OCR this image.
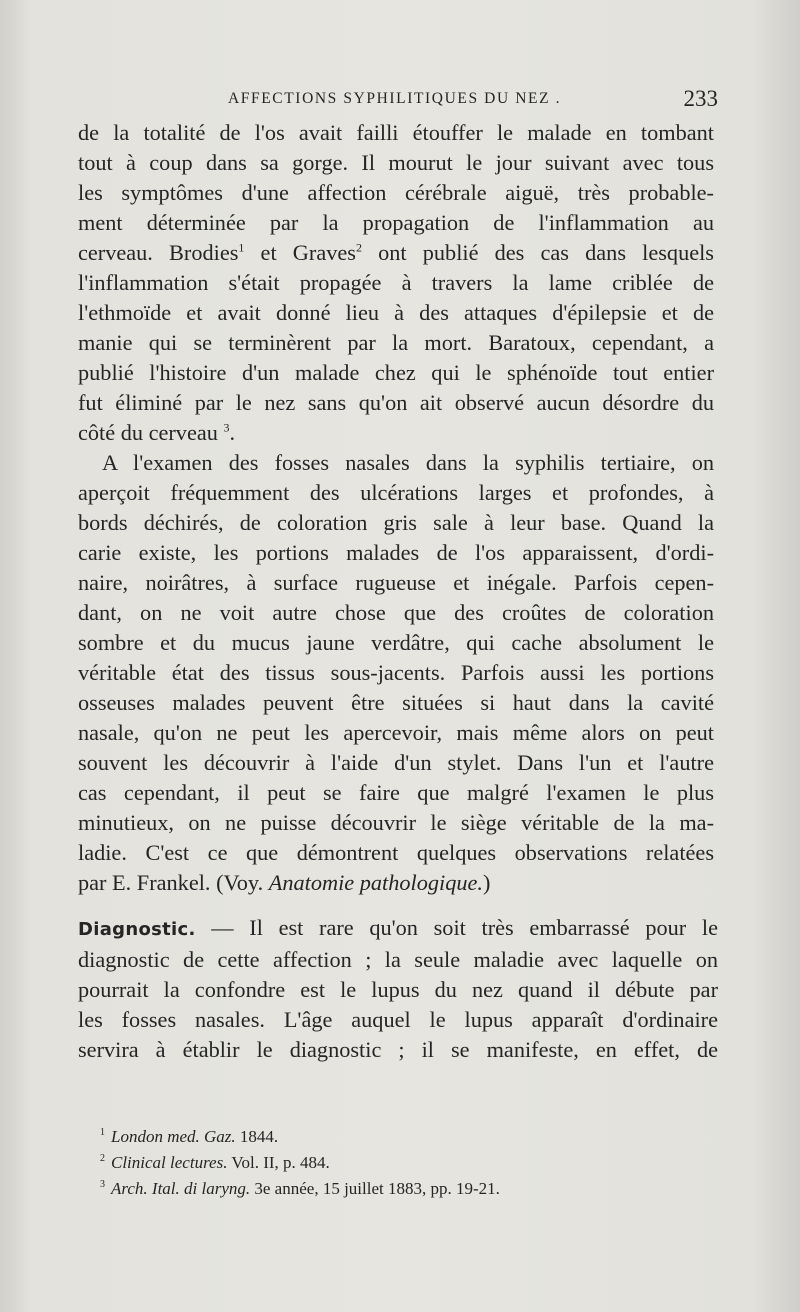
AFFECTIONS SYPHILITIQUES DU NEZ .	233

de la totalité de l'os avait failli étouffer le malade en tombant

tout à coup dans sa gorge. Il mourut le jour suivant avec tous

les symptômes d'une affection cérébrale aiguë, très probable-

ment déterminée par la propagation de l'inflammation au

cerveau. Brodies$^1$ et Graves$^2$ ont publié des cas dans lesquels

l'inflammation s'était propagée à travers la lame criblée de

l'ethmoïde et avait donné lieu à des attaques d'épilepsie et de

manie qui se terminèrent par la mort. Baratoux, cependant, a

publié l'histoire d'un malade chez qui le sphénoïde tout entier

fut éliminé par le nez sans qu'on ait observé aucun désordre du

côté du cerveau $^3$.

A l'examen des fosses nasales dans la syphilis tertiaire, on

aperçoit fréquemment des ulcérations larges et profondes, à

bords déchirés, de coloration gris sale à leur base. Quand la

carie existe, les portions malades de l'os apparaissent, d'ordi-

naire, noirâtres, à surface rugueuse et inégale. Parfois cepen-

dant, on ne voit autre chose que des croûtes de coloration

sombre et du mucus jaune verdâtre, qui cache absolument le

véritable état des tissus sous-jacents. Parfois aussi les portions

osseuses malades peuvent être situées si haut dans la cavité

nasale, qu'on ne peut les apercevoir, mais même alors on peut

souvent les découvrir à l'aide d'un stylet. Dans l'un et l'autre

cas cependant, il peut se faire que malgré l'examen le plus

minutieux, on ne puisse découvrir le siège véritable de la ma-

ladie. C'est ce que démontrent quelques observations relatées

par E. Frankel. (Voy. Anatomie pathologique.)

Diagnostic. — Il est rare qu'on soit très embarrassé pour le

diagnostic de cette affection ; la seule maladie avec laquelle on

pourrait la confondre est le lupus du nez quand il débute par

les fosses nasales. L'âge auquel le lupus apparaît d'ordinaire

servira à établir le diagnostic ; il se manifeste, en effet, de

$^1$ London med. Gaz. 1844.
$^2$ Clinical lectures. Vol. II, p. 484.
$^3$ Arch. Ital. di laryng. 3e année, 15 juillet 1883, pp. 19-21.
